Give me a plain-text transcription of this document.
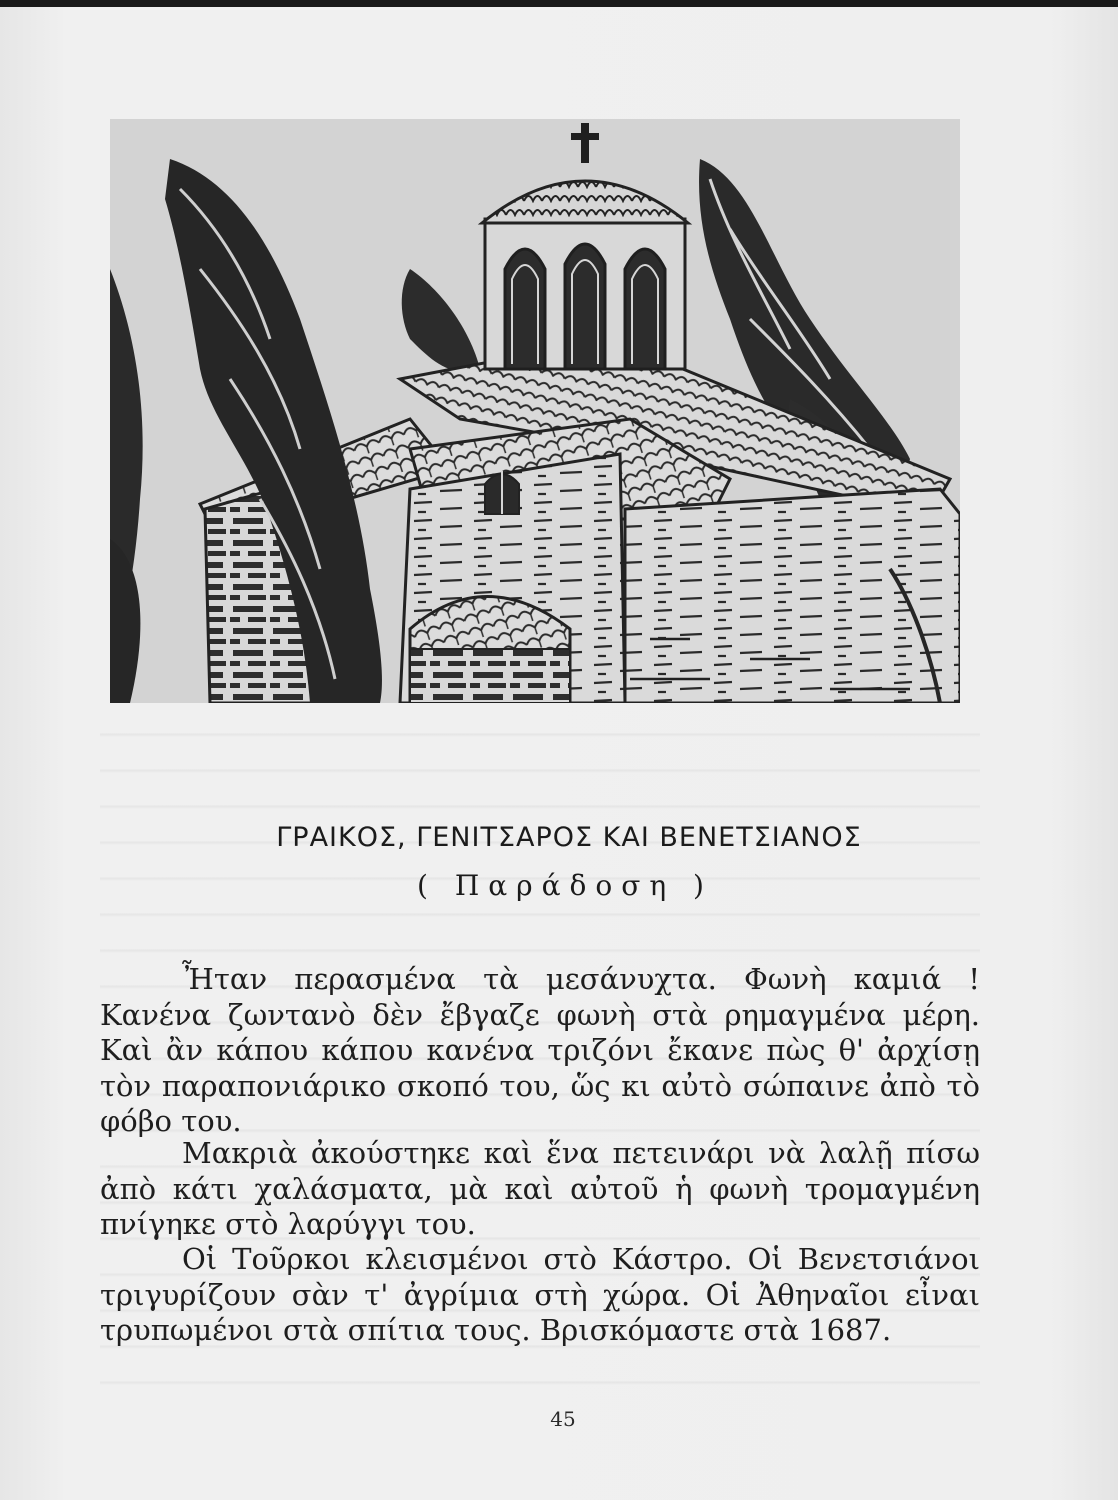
ΓΡΑΙΚΟΣ, ΓΕΝΙΤΣΑΡΟΣ ΚΑΙ ΒΕΝΕΤΣΙΑΝΟΣ
( Παράδοση )

Ἦταν περασμένα τὰ μεσάνυχτα. Φωνὴ καμιά ! Κανένα ζωντανὸ δὲν ἔβγαζε φωνὴ στὰ ρημαγμένα μέρη. Καὶ ἂν κάπου κάπου κανένα τριζόνι ἔκανε πὼς θ' ἀρχίσῃ τὸν παραπονιάρικο σκοπό του, ὥς κι αὐτὸ σώπαινε ἀπὸ τὸ φόβο του.

Μακριὰ ἀκούστηκε καὶ ἕνα πετεινάρι νὰ λαλῇ πίσω ἀπὸ κάτι χαλάσματα, μὰ καὶ αὐτοῦ ἡ φωνὴ τρομαγμένη πνίγηκε στὸ λαρύγγι του.

Οἱ Τοῦρκοι κλεισμένοι στὸ Κάστρο. Οἱ Βενετσιάνοι τριγυρίζουν σὰν τ' ἀγρίμια στὴ χώρα. Οἱ Ἀθηναῖοι εἶναι τρυπωμένοι στὰ σπίτια τους. Βρισκόμαστε στὰ 1687.

45
